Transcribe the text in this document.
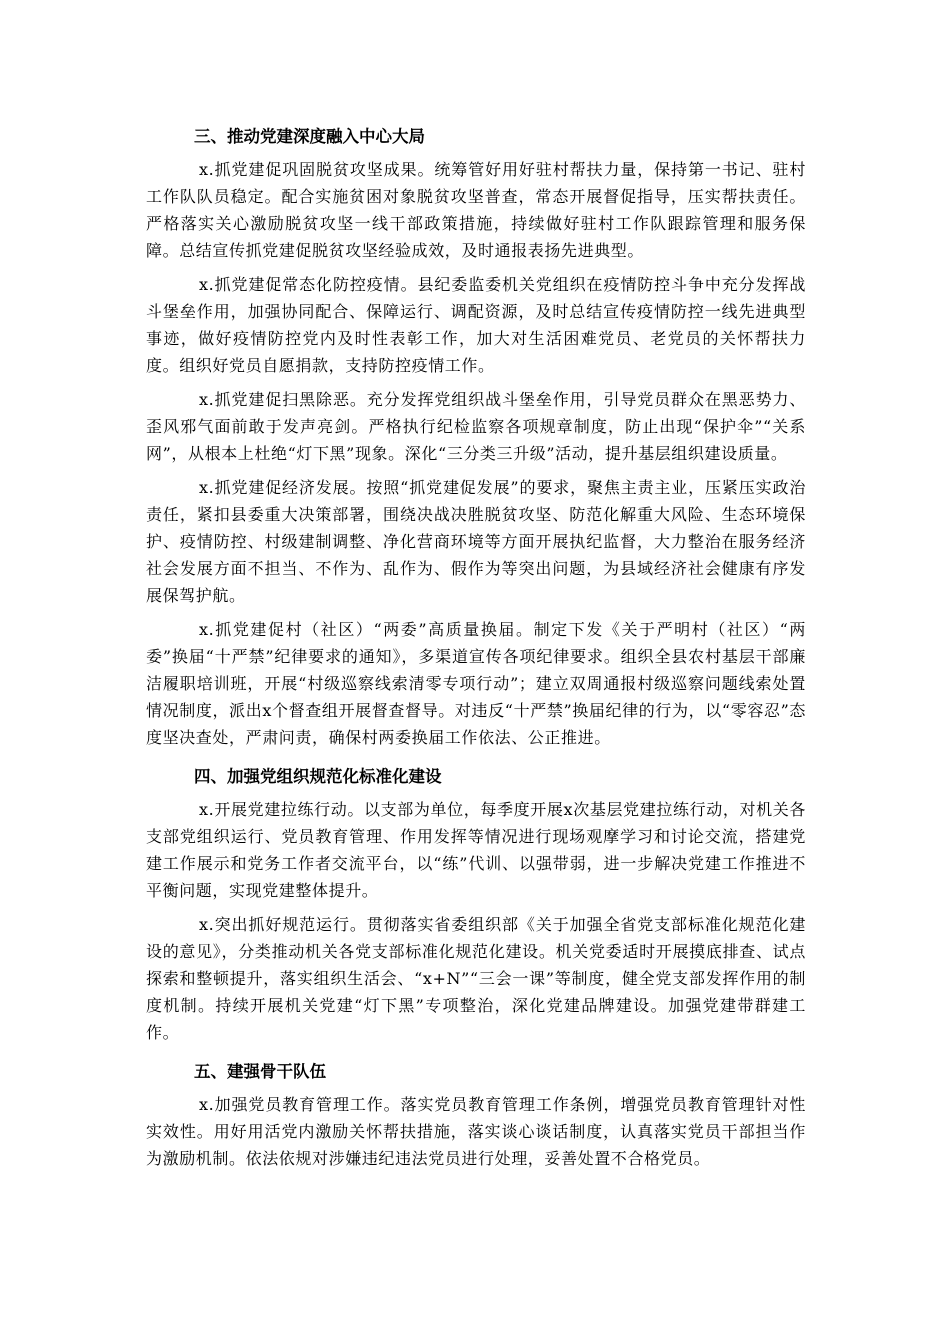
三、推动党建深度融入中心大局

x.抓党建促巩固脱贫攻坚成果。统筹管好用好驻村帮扶力量，保持第一书记、驻村工作队队员稳定。配合实施贫困对象脱贫攻坚普查，常态开展督促指导，压实帮扶责任。严格落实关心激励脱贫攻坚一线干部政策措施，持续做好驻村工作队跟踪管理和服务保障。总结宣传抓党建促脱贫攻坚经验成效，及时通报表扬先进典型。

x.抓党建促常态化防控疫情。县纪委监委机关党组织在疫情防控斗争中充分发挥战斗堡垒作用，加强协同配合、保障运行、调配资源，及时总结宣传疫情防控一线先进典型事迹，做好疫情防控党内及时性表彰工作，加大对生活困难党员、老党员的关怀帮扶力度。组织好党员自愿捐款，支持防控疫情工作。

x.抓党建促扫黑除恶。充分发挥党组织战斗堡垒作用，引导党员群众在黑恶势力、歪风邪气面前敢于发声亮剑。严格执行纪检监察各项规章制度，防止出现“保护伞”“关系网”，从根本上杜绝“灯下黑”现象。深化“三分类三升级”活动，提升基层组织建设质量。

x.抓党建促经济发展。按照“抓党建促发展”的要求，聚焦主责主业，压紧压实政治责任，紧扣县委重大决策部署，围绕决战决胜脱贫攻坚、防范化解重大风险、生态环境保护、疫情防控、村级建制调整、净化营商环境等方面开展执纪监督，大力整治在服务经济社会发展方面不担当、不作为、乱作为、假作为等突出问题，为县域经济社会健康有序发展保驾护航。

x.抓党建促村（社区）“两委”高质量换届。制定下发《关于严明村（社区）“两委”换届“十严禁”纪律要求的通知》，多渠道宣传各项纪律要求。组织全县农村基层干部廉洁履职培训班，开展“村级巡察线索清零专项行动”；建立双周通报村级巡察问题线索处置情况制度，派出x个督查组开展督查督导。对违反“十严禁”换届纪律的行为，以“零容忍”态度坚决查处，严肃问责，确保村两委换届工作依法、公正推进。

四、加强党组织规范化标准化建设

x.开展党建拉练行动。以支部为单位，每季度开展x次基层党建拉练行动，对机关各支部党组织运行、党员教育管理、作用发挥等情况进行现场观摩学习和讨论交流，搭建党建工作展示和党务工作者交流平台，以“练”代训、以强带弱，进一步解决党建工作推进不平衡问题，实现党建整体提升。

x.突出抓好规范运行。贯彻落实省委组织部《关于加强全省党支部标准化规范化建设的意见》，分类推动机关各党支部标准化规范化建设。机关党委适时开展摸底排查、试点探索和整顿提升，落实组织生活会、“x+N”“三会一课”等制度，健全党支部发挥作用的制度机制。持续开展机关党建“灯下黑”专项整治，深化党建品牌建设。加强党建带群建工作。

五、建强骨干队伍

x.加强党员教育管理工作。落实党员教育管理工作条例，增强党员教育管理针对性实效性。用好用活党内激励关怀帮扶措施，落实谈心谈话制度，认真落实党员干部担当作为激励机制。依法依规对涉嫌违纪违法党员进行处理，妥善处置不合格党员。
